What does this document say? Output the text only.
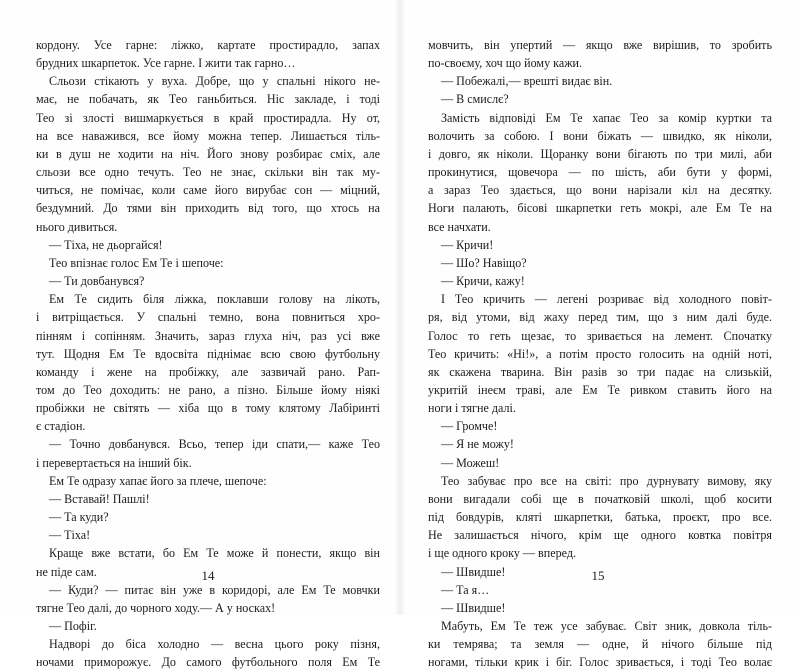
кордону. Усе гарне: ліжко, картате простирадло, запах
брудних шкарпеток. Усе гарне. І жити так гарно…
Сльози стікають у вуха. Добре, що у спальні нікого не-
має, не побачать, як Тео ганьбиться. Ніс закладе, і тоді
Тео зі злості вишмаркується в край простирадла. Ну от,
на все наважився, все йому можна тепер. Лишається тіль-
ки в душ не ходити на ніч. Його знову розбирає сміх, але
сльози все одно течуть. Тео не знає, скільки він так му-
читься, не помічає, коли саме його вирубає сон — міцний,
бездумний. До тями він приходить від того, що хтось на
нього дивиться.
— Тіха, не дьоргайся!
Тео впізнає голос Ем Те і шепоче:
— Ти довбанувся?
Ем Те сидить біля ліжка, поклавши голову на лікоть,
і витріщається. У спальні темно, вона повниться хро-
пінням і сопінням. Значить, зараз глуха ніч, раз усі вже
тут. Щодня Ем Те вдосвіта піднімає всю свою футбольну
команду і жене на пробіжку, але зазвичай рано. Рап-
том до Тео доходить: не рано, а пізно. Більше йому ніякі
пробіжки не світять — хіба що в тому клятому Лабіринті
є стадіон.
— Точно довбанувся. Всьо, тепер іди спати,— каже Тео
і перевертається на інший бік.
Ем Те одразу хапає його за плече, шепоче:
— Вставай! Пашлі!
— Та куди?
— Тіха!
Краще вже встати, бо Ем Те може й понести, якщо він
не піде сам.
— Куди? — питає він уже в коридорі, але Ем Те мовчки
тягне Тео далі, до чорного ходу.— А у носках!
— Пофіг.
Надворі до біса холодно — весна цього року пізня,
ночами приморожує. До самого футбольного поля Ем Те
14
мовчить, він упертий — якщо вже вирішив, то зробить
по-своєму, хоч що йому кажи.
— Побежалі,— врешті видає він.
— В смислє?
Замість відповіді Ем Те хапає Тео за комір куртки та
волочить за собою. І вони біжать — швидко, як ніколи,
і довго, як ніколи. Щоранку вони бігають по три милі, аби
прокинутися, щовечора — по шість, аби бути у формі,
а зараз Тео здається, що вони нарізали кіл на десятку.
Ноги палають, бісові шкарпетки геть мокрі, але Ем Те на
все начхати.
— Кричи!
— Шо? Навіщо?
— Кричи, кажу!
І Тео кричить — легені розриває від холодного повіт-
ря, від утоми, від жаху перед тим, що з ним далі буде.
Голос то геть щезає, то зривається на лемент. Спочатку
Тео кричить: «Ні!», а потім просто голосить на одній ноті,
як скажена тварина. Він разів зо три падає на слизькій,
укритій інеєм траві, але Ем Те ривком ставить його на
ноги і тягне далі.
— Громче!
— Я не можу!
— Можеш!
Тео забуває про все на світі: про дурнувату вимову, яку
вони вигадали собі ще в початковій школі, щоб косити
під бовдурів, кляті шкарпетки, батька, проєкт, про все.
Не залишається нічого, крім ще одного ковтка повітря
і ще одного кроку — вперед.
— Швидше!
— Та я…
— Швидше!
Мабуть, Ем Те теж усе забуває. Світ зник, довкола тіль-
ки темрява; та земля — одне, й нічого більше під
ногами, тільки крик і біг. Голос зривається, і тоді Тео волає
15
